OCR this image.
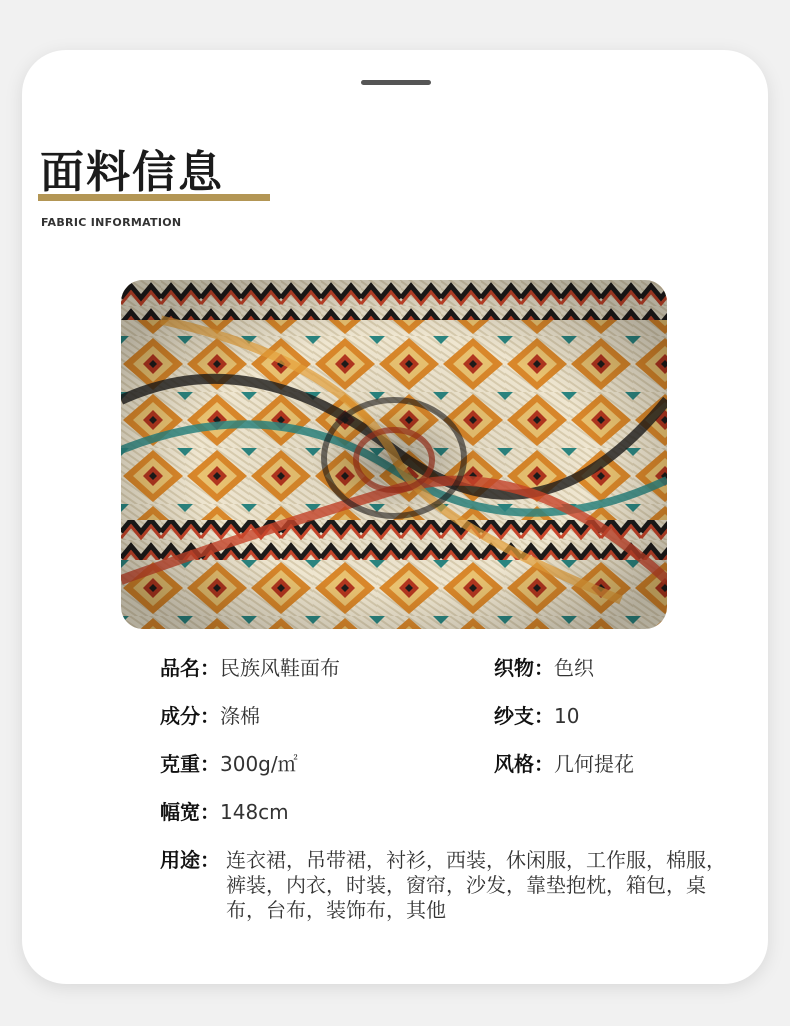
面料信息
FABRIC INFORMATION
品名：民族风鞋面布	织物：色织
成分：涤棉	纱支：10
克重：300g/㎡	风格：几何提花
幅宽：148cm
用途： 连衣裙，吊带裙，衬衫，西装，休闲服，工作服，棉服，裤装，内衣，时装，窗帘，沙发，靠垫抱枕，箱包，桌布，台布，装饰布，其他
